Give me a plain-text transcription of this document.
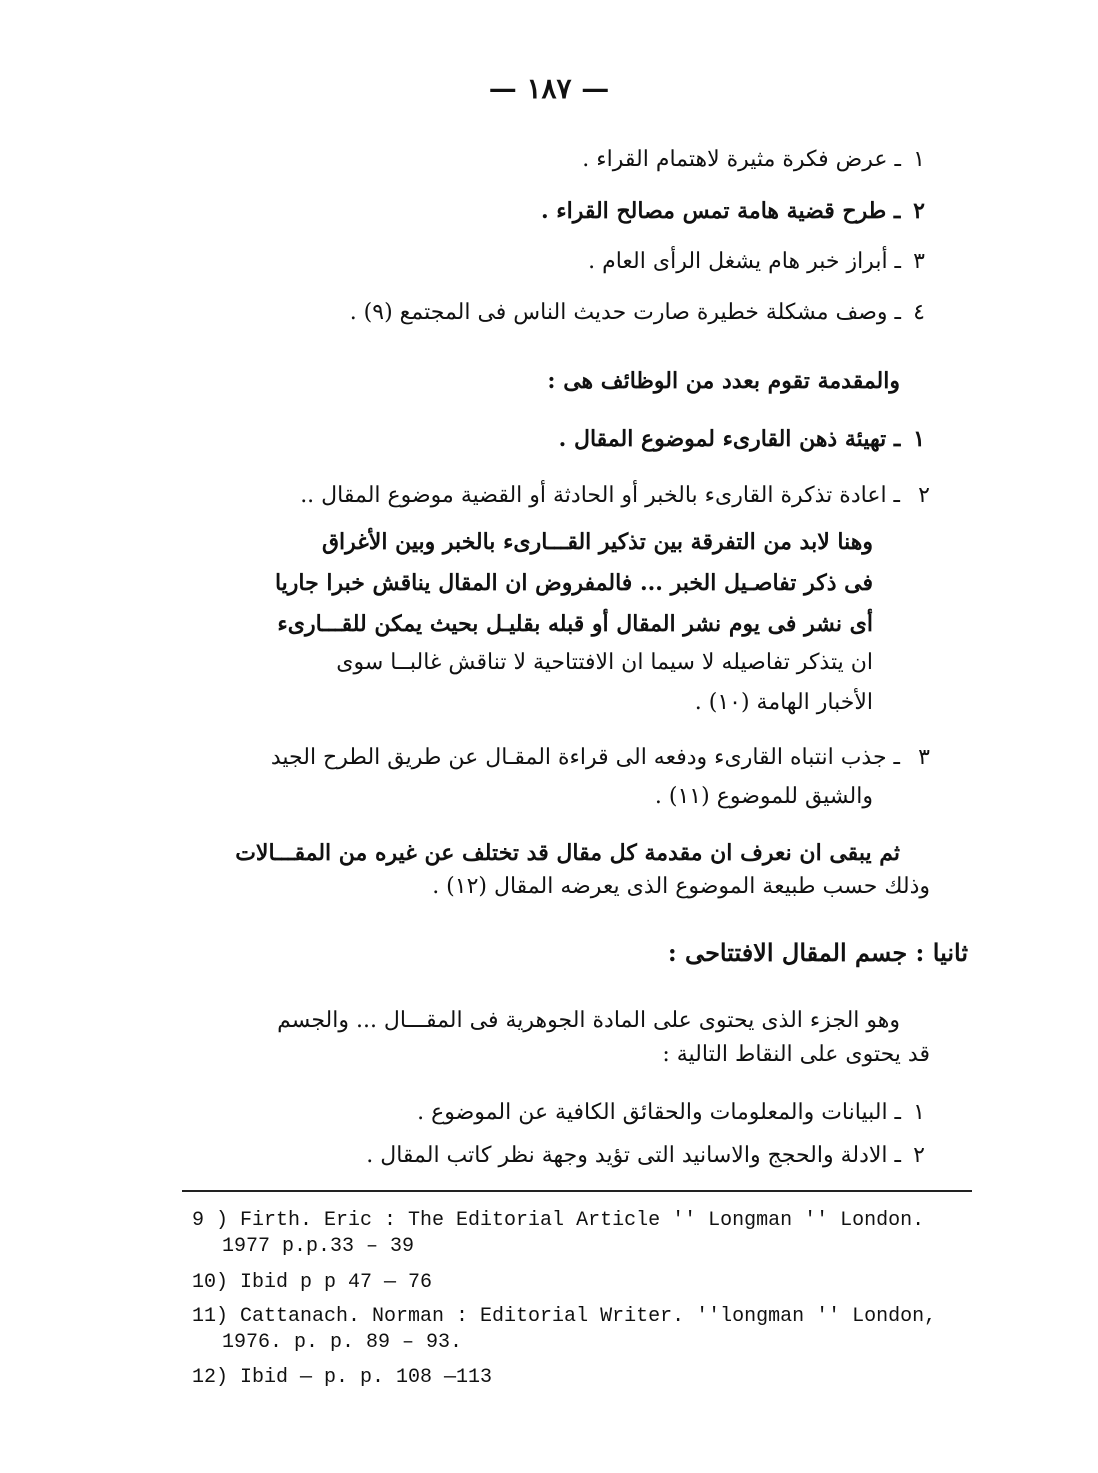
— ١٨٧ —
١ ـ عرض فكرة مثيرة لاهتمام القراء .
٢ ـ طرح قضية هامة تمس مصالح القراء .
٣ ـ أبراز خبر هام يشغل الرأى العام .
٤ ـ وصف مشكلة خطيرة صارت حديث الناس فى المجتمع (٩) .
والمقدمة تقوم بعدد من الوظائف هى :
١ ـ تهيئة ذهن القارىء لموضوع المقال .
٢
ـ اعادة تذكرة القارىء بالخبر أو الحادثة أو القضية موضوع المقال ..
وهنا لابد من التفرقة بين تذكير القـــارىء بالخبر وبين الأغراق
فى ذكر تفاصـيل الخبر ... فالمفروض ان المقال يناقش خبرا جاريا
أى نشر فى يوم نشر المقال أو قبله بقليـل بحيث يمكن للقـــارىء
ان يتذكر تفاصيله لا سيما ان الافتتاحية لا تناقش غالبــا سوى
الأخبار الهامة (١٠) .
٣
ـ جذب انتباه القارىء ودفعه الى قراءة المقـال عن طريق الطرح الجيد
والشيق للموضوع (١١) .
ثم يبقى ان نعرف ان مقدمة كل مقال قد تختلف عن غيره من المقـــالات
وذلك حسب طبيعة الموضوع الذى يعرضه المقال (١٢) .
ثانيا : جسم المقال الافتتاحى :
وهو الجزء الذى يحتوى على المادة الجوهرية فى المقـــال ... والجسم
قد يحتوى على النقاط التالية :
١ ـ البيانات والمعلومات والحقائق الكافية عن الموضوع .
٢ ـ الادلة والحجج والاسانيد التى تؤيد وجهة نظر كاتب المقال .
9 ) Firth. Eric : The Editorial Article '' Longman '' London.
1977 p.p.33 – 39
10) Ibid p p 47 — 76
11) Cattanach. Norman : Editorial Writer. ''longman '' London,
1976. p. p. 89 – 93.
12) Ibid — p. p. 108 —113
